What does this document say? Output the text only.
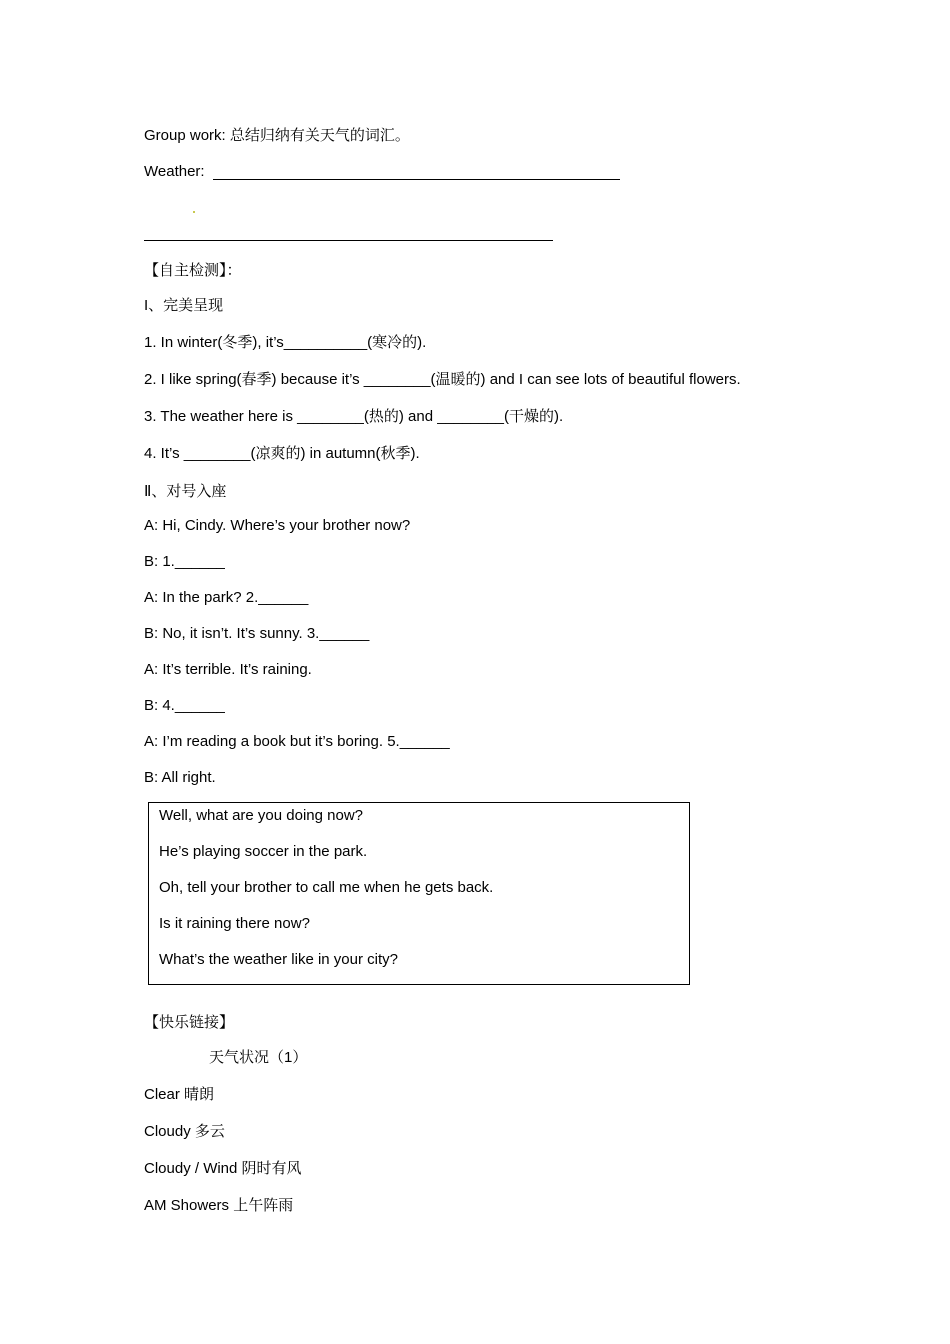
Group work: 总结归纳有关天气的词汇。
Weather:
【自主检测】：
I、完美呈现
1. In winter(冬季), it’s__________(寒冷的).
2. I like spring(春季) because it’s ________(温暖的) and I can see lots of beautiful flowers.
3. The weather here is ________(热的) and ________(干燥的).
4. It’s ________(凉爽的) in autumn(秋季).
Ⅱ、对号入座
A: Hi, Cindy. Where’s your brother now?
B: 1.______
A: In the park? 2.______
B: No, it isn’t. It’s sunny. 3.______
A: It’s terrible. It’s raining.
B: 4.______
A: I’m reading a book but it’s boring. 5.______
B: All right.
Well, what are you doing now?
He’s playing soccer in the park.
Oh, tell your brother to call me when he gets back.
Is it raining there now?
What’s the weather like in your city?
【快乐链接】
天气状况（1）
Clear 晴朗
Cloudy 多云
Cloudy / Wind 阴时有风
AM Showers 上午阵雨
